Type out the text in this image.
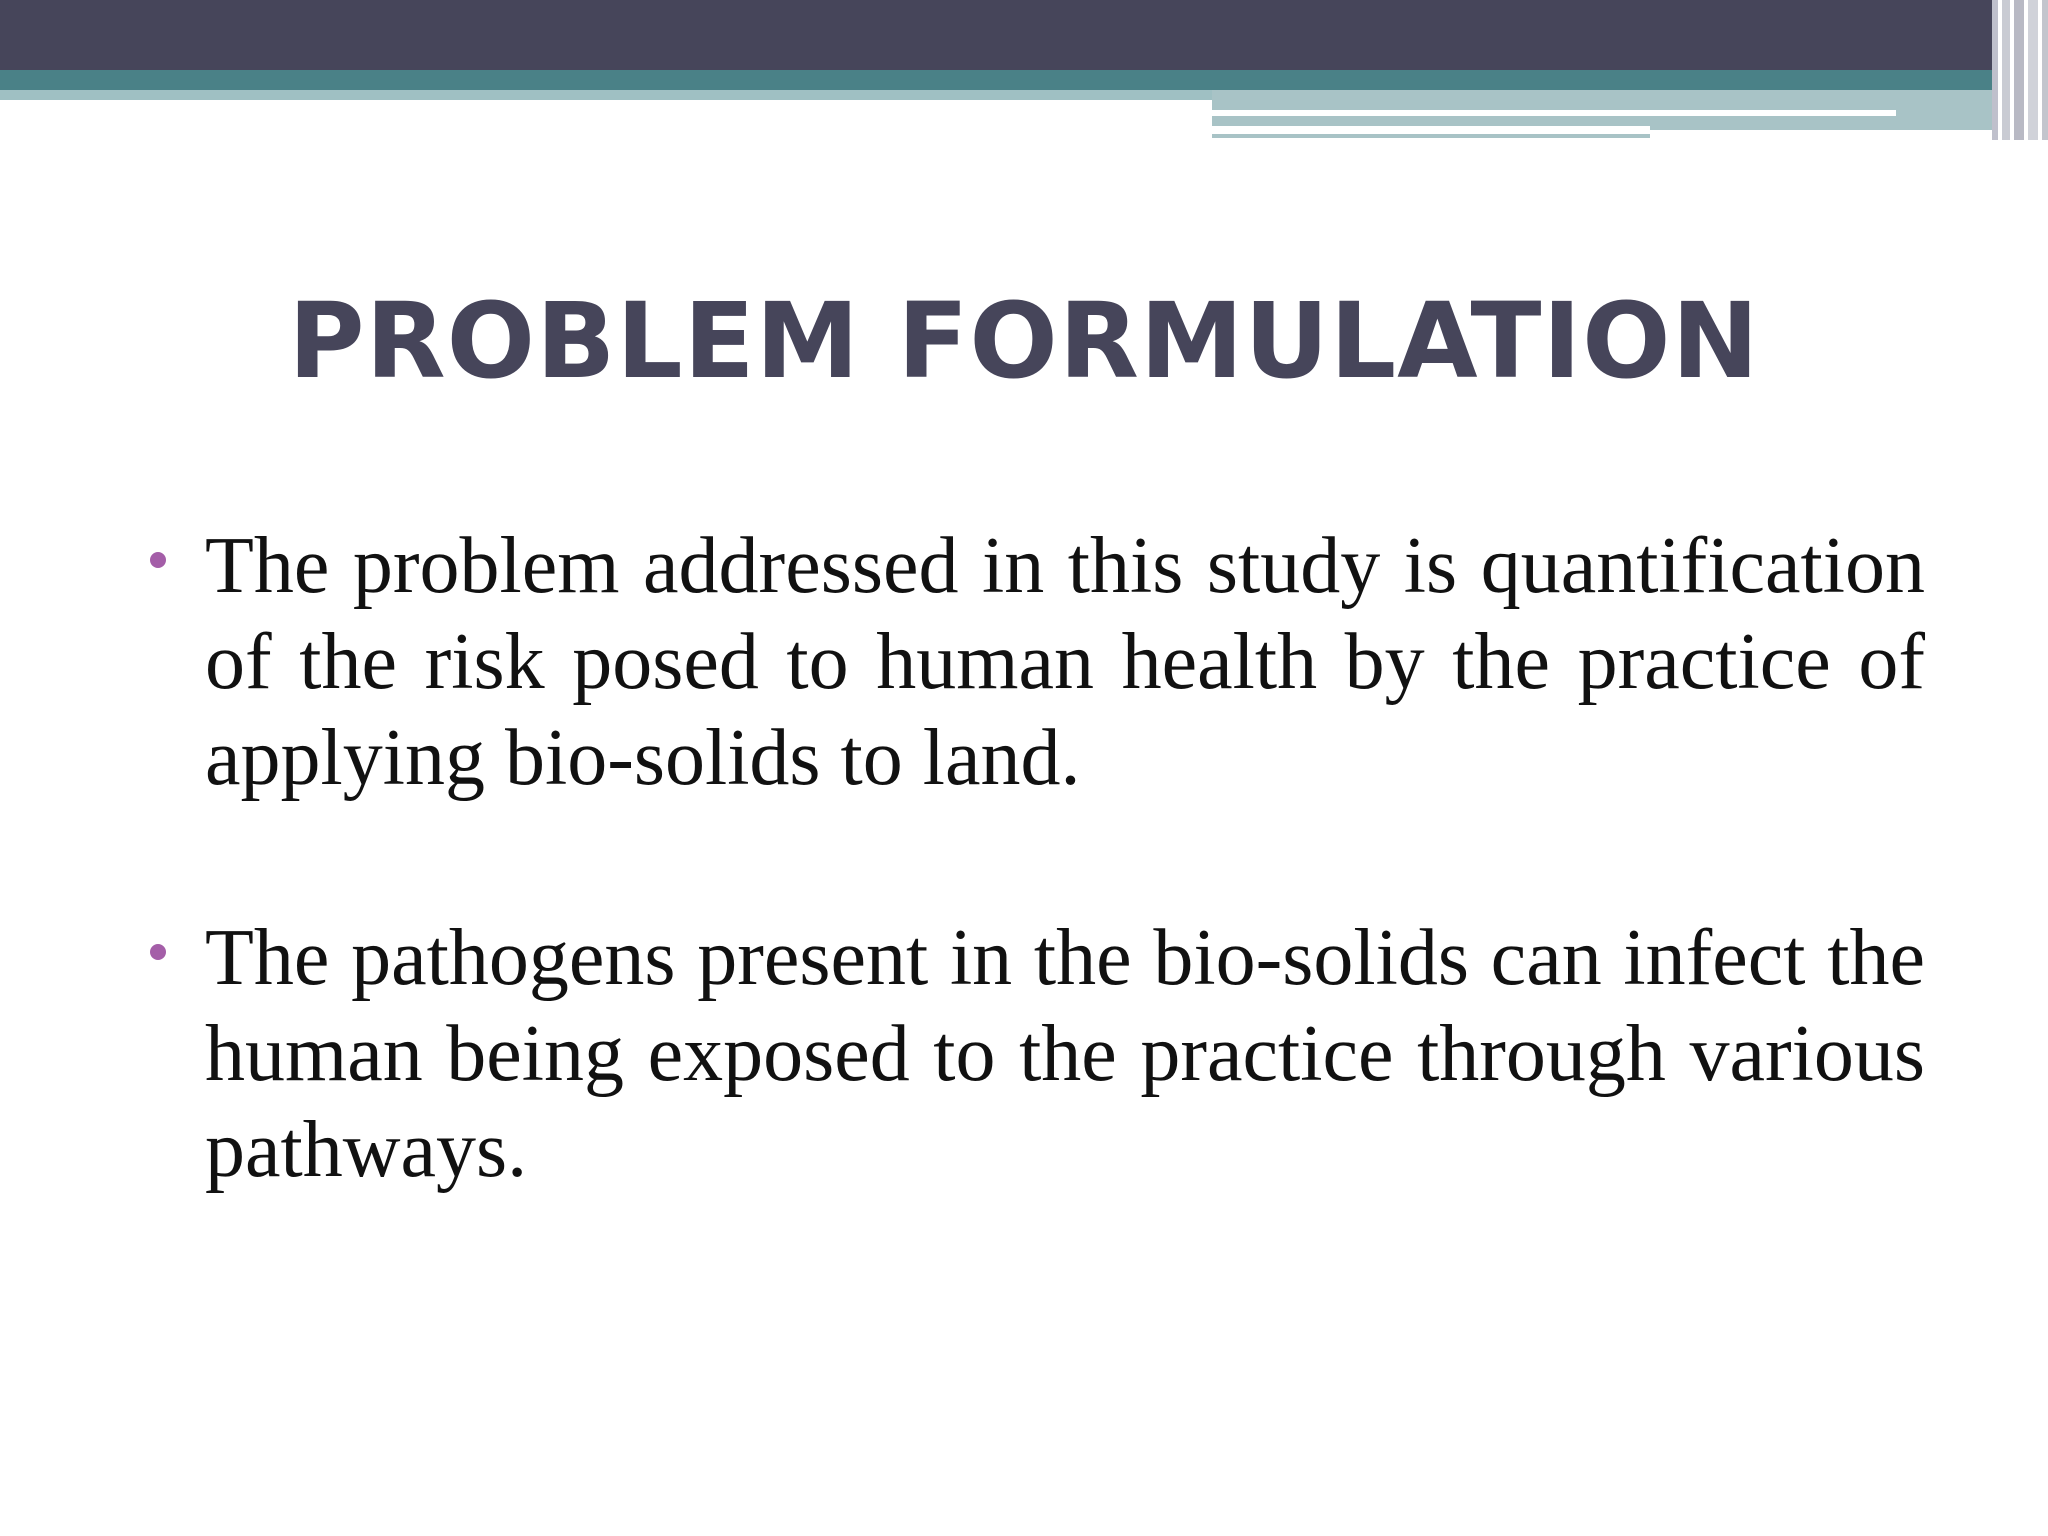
PROBLEM FORMULATION
The problem addressed in this study is quantification of the risk posed to human health by the practice of applying bio-solids to land.
The pathogens present in the bio-solids can infect the human being exposed to the practice through various pathways.
